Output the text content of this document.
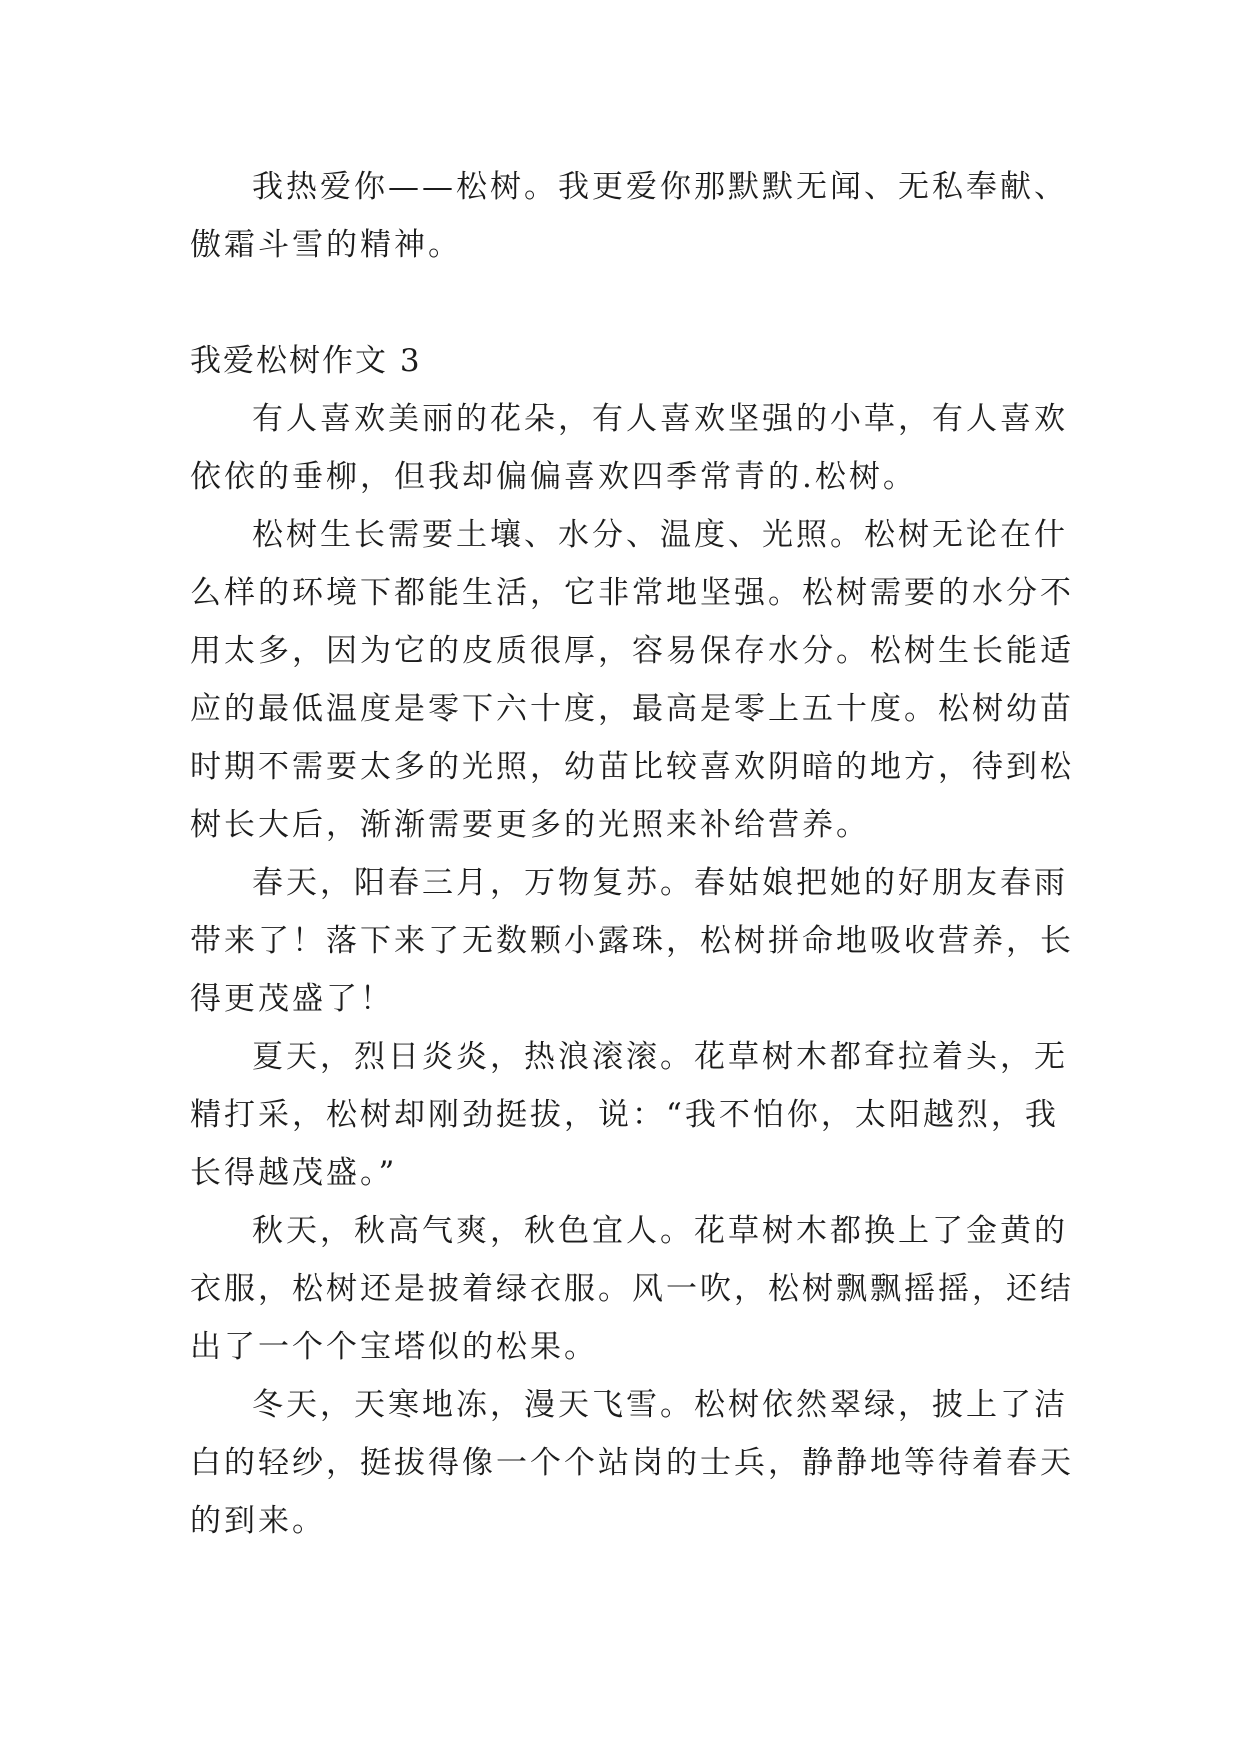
我热爱你——松树。我更爱你那默默无闻、无私奉献、傲霜斗雪的精神。

我爱松树作文 3

有人喜欢美丽的花朵，有人喜欢坚强的小草，有人喜欢依依的垂柳，但我却偏偏喜欢四季常青的.松树。

松树生长需要土壤、水分、温度、光照。松树无论在什么样的环境下都能生活，它非常地坚强。松树需要的水分不用太多，因为它的皮质很厚，容易保存水分。松树生长能适应的最低温度是零下六十度，最高是零上五十度。松树幼苗时期不需要太多的光照，幼苗比较喜欢阴暗的地方，待到松树长大后，渐渐需要更多的光照来补给营养。

春天，阳春三月，万物复苏。春姑娘把她的好朋友春雨带来了！落下来了无数颗小露珠，松树拼命地吸收营养，长得更茂盛了！

夏天，烈日炎炎，热浪滚滚。花草树木都耷拉着头，无精打采，松树却刚劲挺拔，说：“我不怕你，太阳越烈，我长得越茂盛。”

秋天，秋高气爽，秋色宜人。花草树木都换上了金黄的衣服，松树还是披着绿衣服。风一吹，松树飘飘摇摇，还结出了一个个宝塔似的松果。

冬天，天寒地冻，漫天飞雪。松树依然翠绿，披上了洁白的轻纱，挺拔得像一个个站岗的士兵，静静地等待着春天的到来。
